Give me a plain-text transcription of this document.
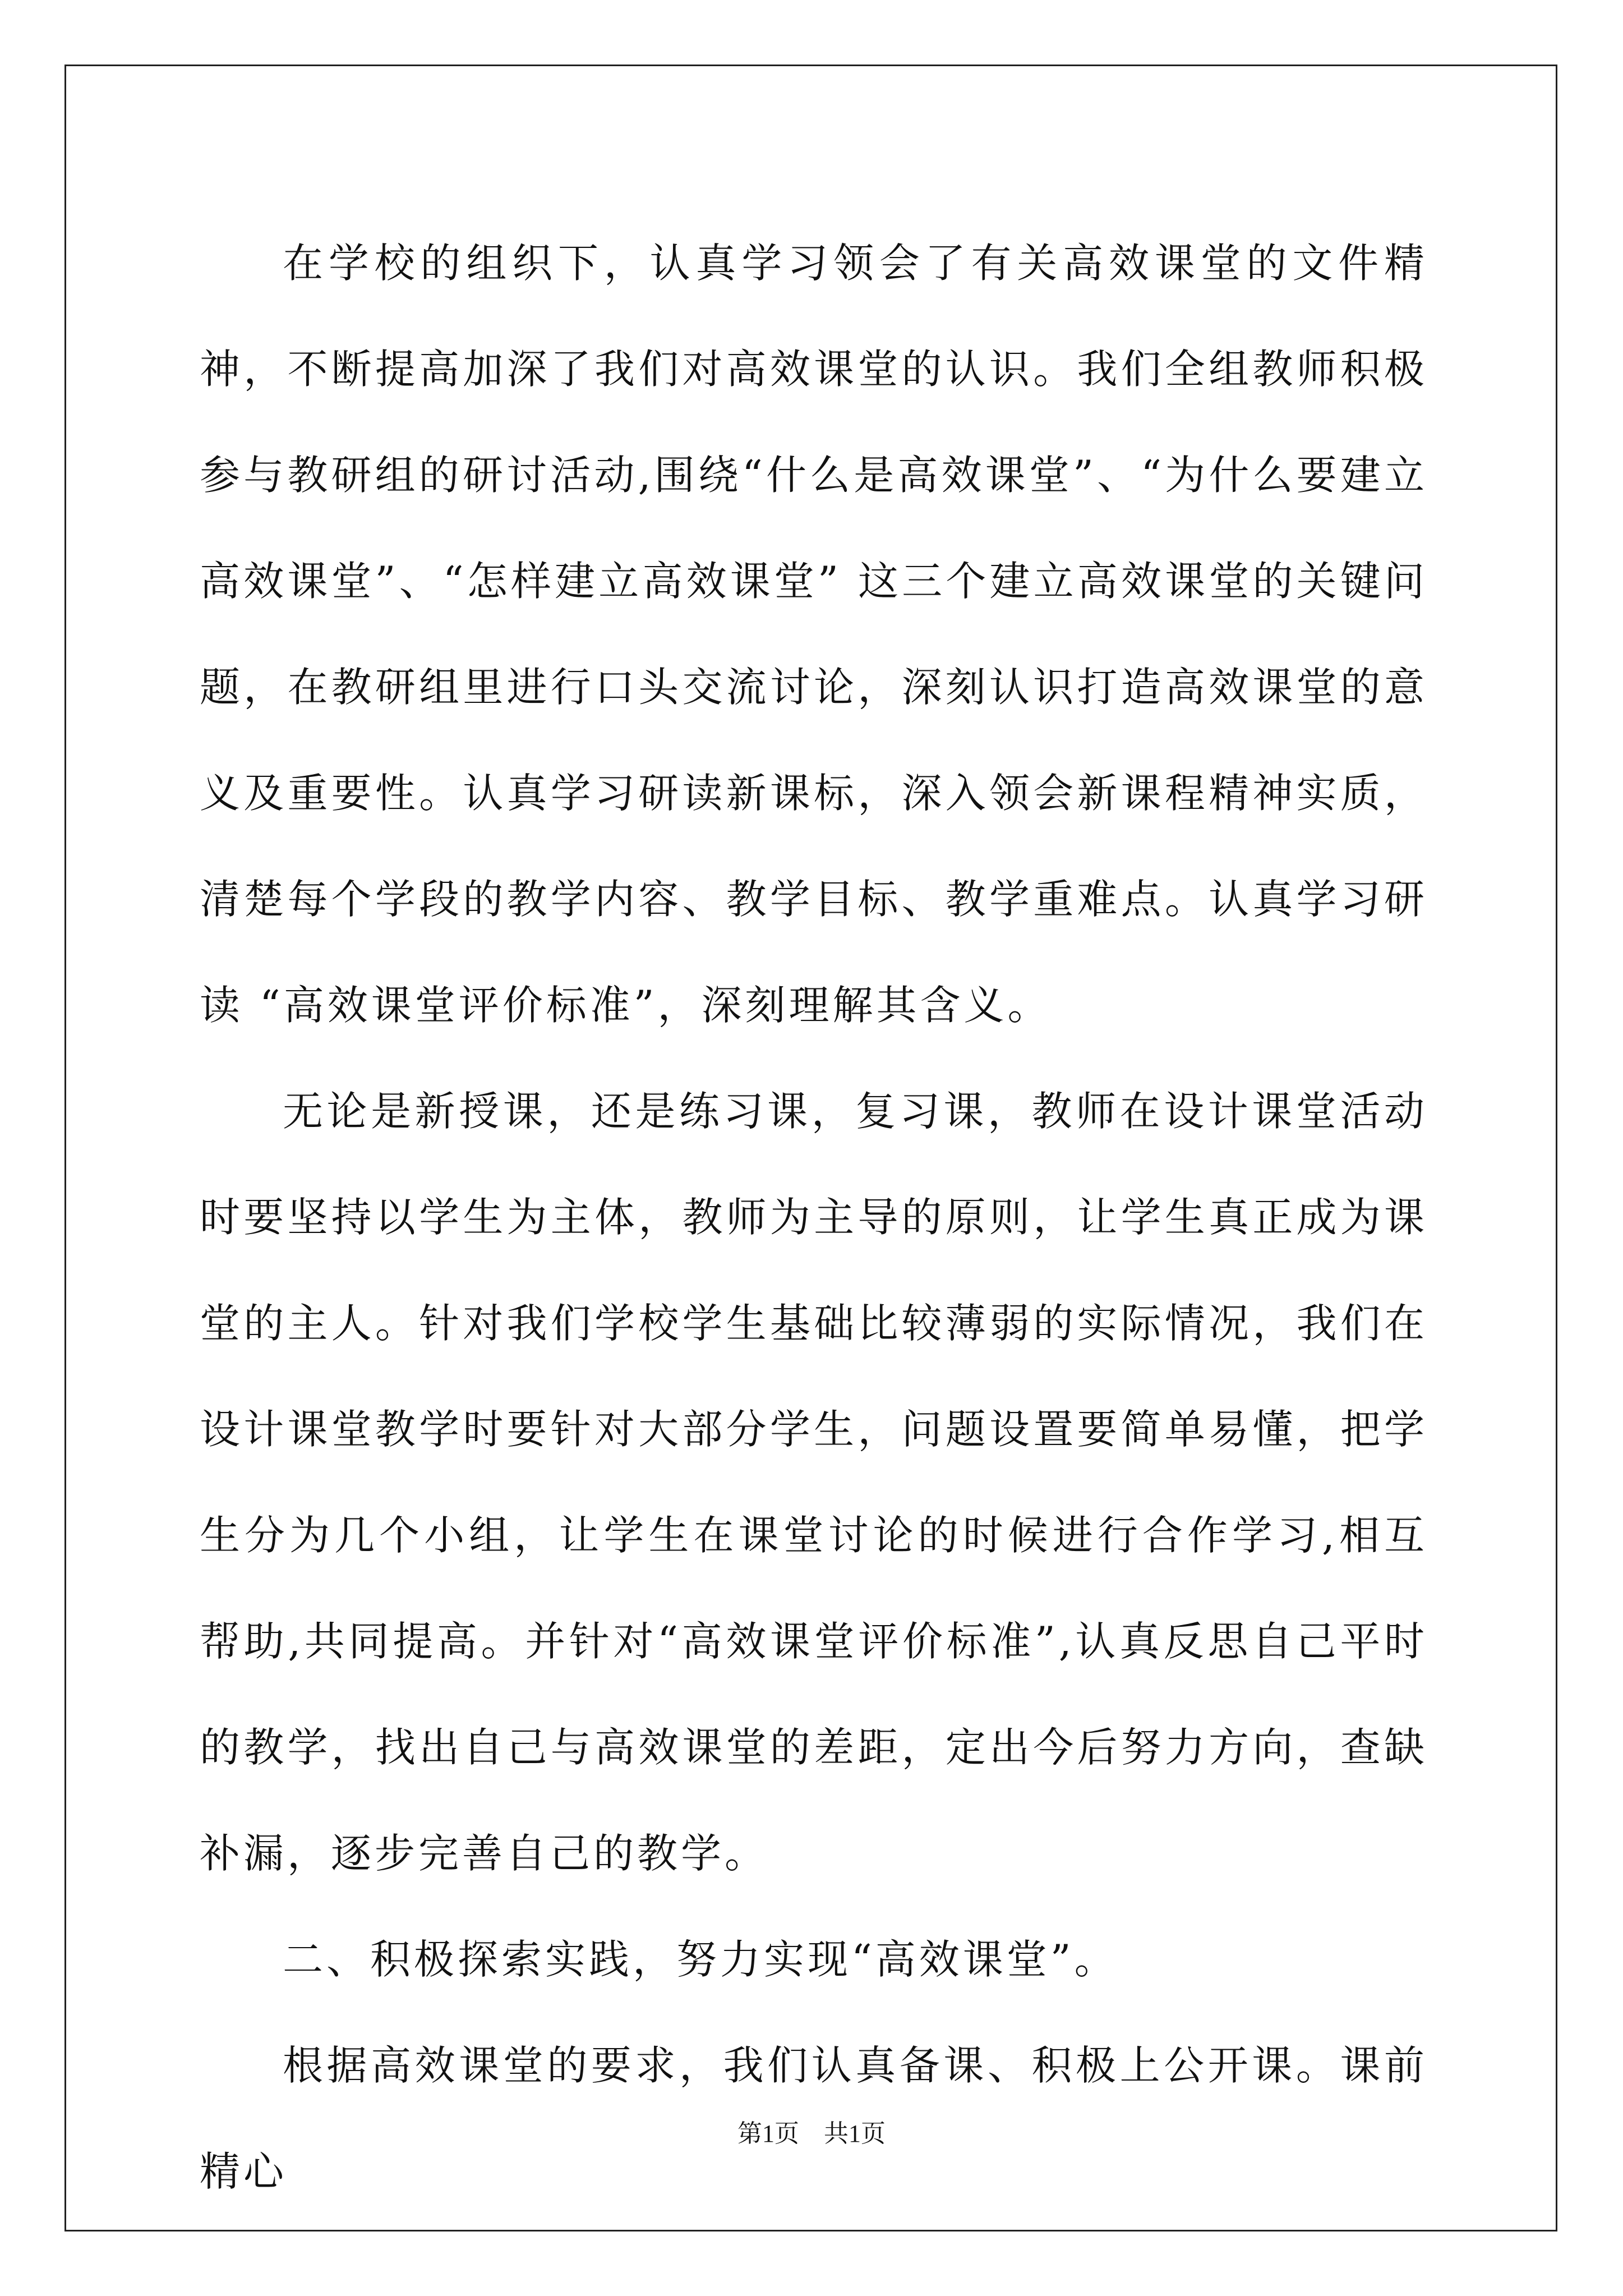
在学校的组织下，认真学习领会了有关高效课堂的文件精神，不断提高加深了我们对高效课堂的认识。我们全组教师积极参与教研组的研讨活动,围绕“什么是高效课堂”、“为什么要建立高效课堂”、“怎样建立高效课堂” 这三个建立高效课堂的关键问题，在教研组里进行口头交流讨论，深刻认识打造高效课堂的意义及重要性。认真学习研读新课标，深入领会新课程精神实质，清楚每个学段的教学内容、教学目标、教学重难点。认真学习研读 “高效课堂评价标准”，深刻理解其含义。

无论是新授课，还是练习课，复习课，教师在设计课堂活动时要坚持以学生为主体，教师为主导的原则，让学生真正成为课堂的主人。针对我们学校学生基础比较薄弱的实际情况，我们在设计课堂教学时要针对大部分学生，问题设置要简单易懂，把学生分为几个小组，让学生在课堂讨论的时候进行合作学习,相互帮助,共同提高。并针对“高效课堂评价标准”,认真反思自己平时的教学，找出自己与高效课堂的差距，定出今后努力方向，查缺补漏，逐步完善自己的教学。

二、积极探索实践，努力实现“高效课堂”。

根据高效课堂的要求，我们认真备课、积极上公开课。课前精心

第1页 共1页
